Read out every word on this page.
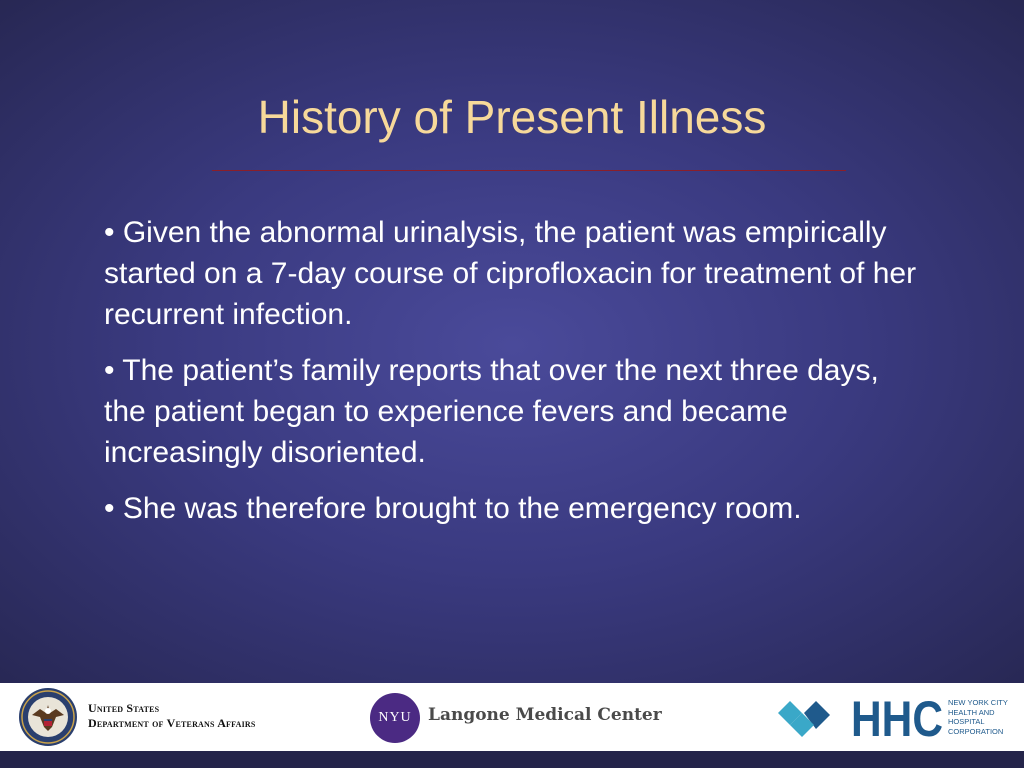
History of Present Illness
• Given the abnormal urinalysis, the patient was empirically started on a 7-day course of ciprofloxacin for treatment of her recurrent infection.
• The patient’s family reports that over the next three days, the patient began to experience fevers and became increasingly disoriented.
• She was therefore brought to the emergency room.
United States
Department of Veterans Affairs	NYU Langone Medical Center	HHC NEW YORK CITY
HEALTH AND
HOSPITAL
CORPORATION
